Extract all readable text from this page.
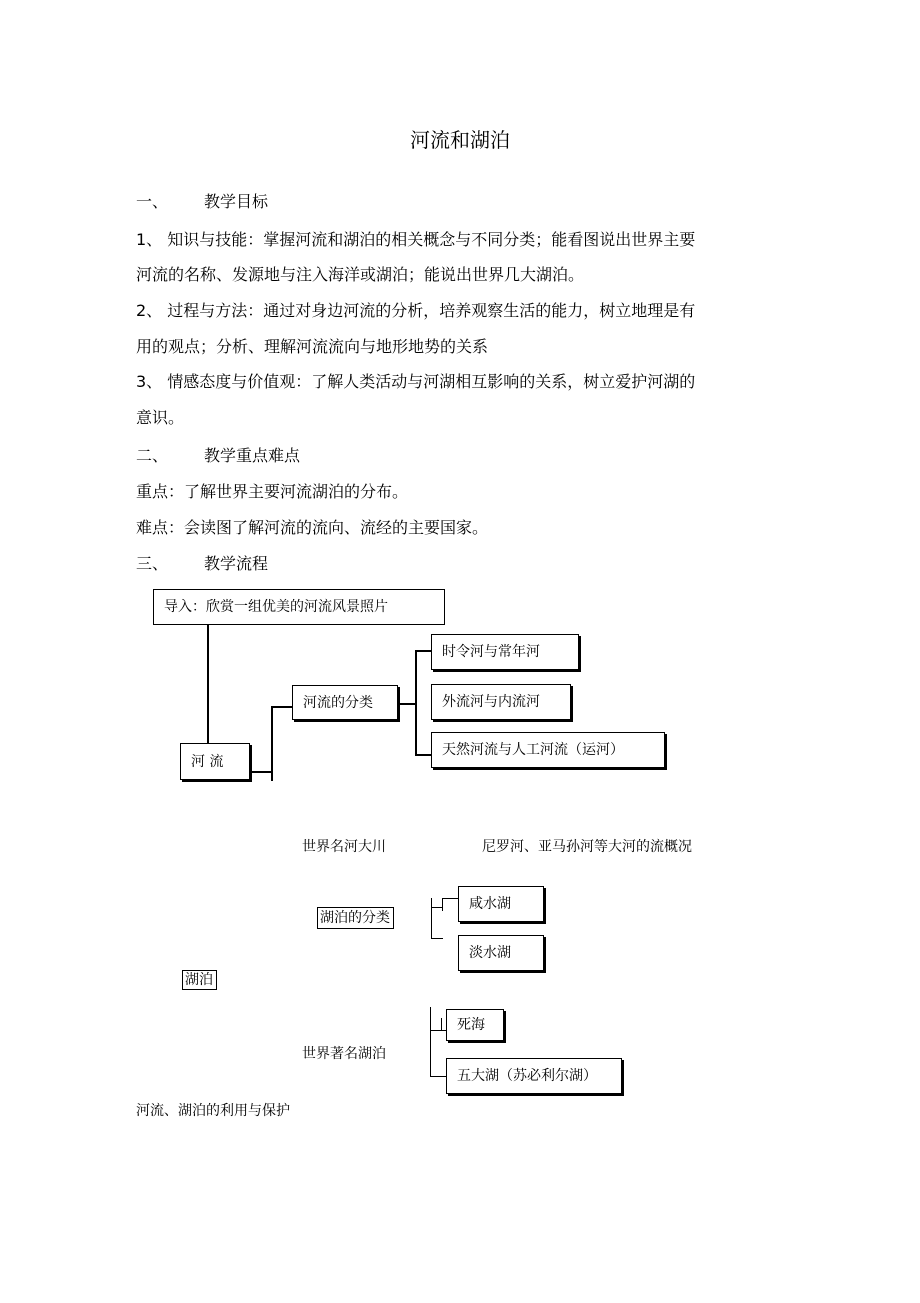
河流和湖泊
一、 教学目标
1、 知识与技能：掌握河流和湖泊的相关概念与不同分类；能看图说出世界主要
河流的名称、发源地与注入海洋或湖泊；能说出世界几大湖泊。
2、 过程与方法：通过对身边河流的分析，培养观察生活的能力，树立地理是有
用的观点；分析、理解河流流向与地形地势的关系
3、 情感态度与价值观：了解人类活动与河湖相互影响的关系，树立爱护河湖的
意识。
二、 教学重点难点
重点：了解世界主要河流湖泊的分布。
难点：会读图了解河流的流向、流经的主要国家。
三、 教学流程
导入：欣赏一组优美的河流风景照片
河 流
河流的分类
时令河与常年河
外流河与内流河
天然河流与人工河流（运河）
世界名河大川	尼罗河、亚马孙河等大河的流概况
湖泊的分类
咸水湖
淡水湖
湖泊
世界著名湖泊
死海
五大湖（苏必利尔湖）
河流、湖泊的利用与保护
